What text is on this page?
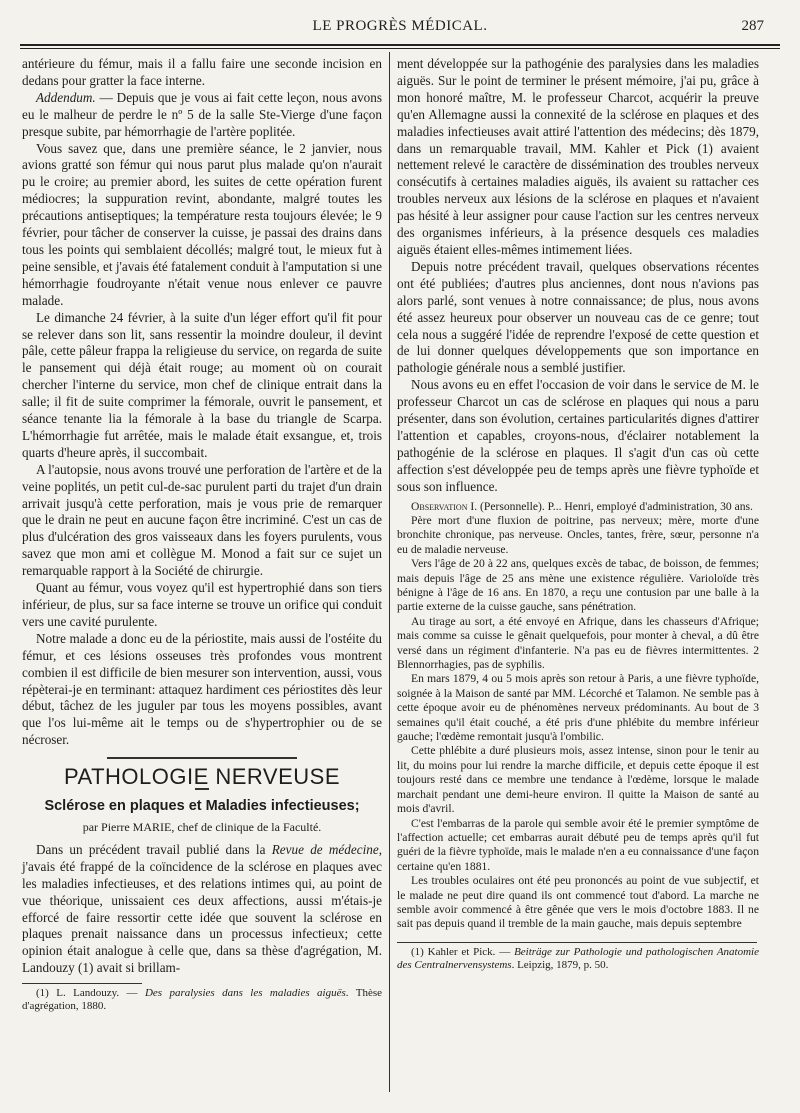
LE PROGRÈS MÉDICAL.	287

antérieure du fémur, mais il a fallu faire une seconde incision en dedans pour gratter la face interne.

Addendum. — Depuis que je vous ai fait cette leçon, nous avons eu le malheur de perdre le nº 5 de la salle Ste-Vierge d'une façon presque subite, par hémorrhagie de l'artère poplitée.

Vous savez que, dans une première séance, le 2 janvier, nous avions gratté son fémur qui nous parut plus malade qu'on n'aurait pu le croire; au premier abord, les suites de cette opération furent médiocres; la suppuration revint, abondante, malgré toutes les précautions antiseptiques; la température resta toujours élevée; le 9 février, pour tâcher de conserver la cuisse, je passai des drains dans tous les points qui semblaient décollés; malgré tout, le mieux fut à peine sensible, et j'avais été fatalement conduit à l'amputation si une hémorrhagie foudroyante n'était venue nous enlever ce pauvre malade.

Le dimanche 24 février, à la suite d'un léger effort qu'il fit pour se relever dans son lit, sans ressentir la moindre douleur, il devint pâle, cette pâleur frappa la religieuse du service, on regarda de suite le pansement qui déjà était rouge; au moment où on courait chercher l'interne du service, mon chef de clinique entrait dans la salle; il fit de suite comprimer la fémorale, ouvrit le pansement, et séance tenante lia la fémorale à la base du triangle de Scarpa. L'hémorrhagie fut arrêtée, mais le malade était exsangue, et, trois quarts d'heure après, il succombait.

A l'autopsie, nous avons trouvé une perforation de l'artère et de la veine poplités, un petit cul-de-sac purulent parti du trajet d'un drain arrivait jusqu'à cette perforation, mais je vous prie de remarquer que le drain ne peut en aucune façon être incriminé. C'est un cas de plus d'ulcération des gros vaisseaux dans les foyers purulents, vous savez que mon ami et collègue M. Monod a fait sur ce sujet un remarquable rapport à la Société de chirurgie.

Quant au fémur, vous voyez qu'il est hypertrophié dans son tiers inférieur, de plus, sur sa face interne se trouve un orifice qui conduit vers une cavité purulente.

Notre malade a donc eu de la périostite, mais aussi de l'ostéite du fémur, et ces lésions osseuses très profondes vous montrent combien il est difficile de bien mesurer son intervention, aussi, vous répèterai-je en terminant: attaquez hardiment ces périostites dès leur début, tâchez de les juguler par tous les moyens possibles, avant que l'os lui-même ait le temps ou de s'hypertrophier ou de se nécroser.

PATHOLOGIE NERVEUSE
Sclérose en plaques et Maladies infectieuses;
par Pierre MARIE, chef de clinique de la Faculté.

Dans un précédent travail publié dans la Revue de médecine, j'avais été frappé de la coïncidence de la sclérose en plaques avec les maladies infectieuses, et des relations intimes qui, au point de vue théorique, unissaient ces deux affections, aussi m'étais-je efforcé de faire ressortir cette idée que souvent la sclérose en plaques prenait naissance dans un processus infectieux; cette opinion était analogue à celle que, dans sa thèse d'agrégation, M. Landouzy (1) avait si brillam-

(1) L. Landouzy. — Des paralysies dans les maladies aiguës. Thèse d'agrégation, 1880.

ment développée sur la pathogénie des paralysies dans les maladies aiguës. Sur le point de terminer le présent mémoire, j'ai pu, grâce à mon honoré maître, M. le professeur Charcot, acquérir la preuve qu'en Allemagne aussi la connexité de la sclérose en plaques et des maladies infectieuses avait attiré l'attention des médecins; dès 1879, dans un remarquable travail, MM. Kahler et Pick (1) avaient nettement relevé le caractère de dissémination des troubles nerveux consécutifs à certaines maladies aiguës, ils avaient su rattacher ces troubles nerveux aux lésions de la sclérose en plaques et n'avaient pas hésité à leur assigner pour cause l'action sur les centres nerveux des organismes inférieurs, à la présence desquels ces maladies aiguës étaient elles-mêmes intimement liées.

Depuis notre précédent travail, quelques observations récentes ont été publiées; d'autres plus anciennes, dont nous n'avions pas alors parlé, sont venues à notre connaissance; de plus, nous avons été assez heureux pour observer un nouveau cas de ce genre; tout cela nous a suggéré l'idée de reprendre l'exposé de cette question et de lui donner quelques développements que son importance en pathologie générale nous a semblé justifier.

Nous avons eu en effet l'occasion de voir dans le service de M. le professeur Charcot un cas de sclérose en plaques qui nous a paru présenter, dans son évolution, certaines particularités dignes d'attirer l'attention et capables, croyons-nous, d'éclairer notablement la pathogénie de la sclérose en plaques. Il s'agit d'un cas où cette affection s'est développée peu de temps après une fièvre typhoïde et sous son influence.

Observation I. (Personnelle). P... Henri, employé d'administration, 30 ans.

Père mort d'une fluxion de poitrine, pas nerveux; mère, morte d'une bronchite chronique, pas nerveuse. Oncles, tantes, frère, sœur, personne n'a eu de maladie nerveuse.

Vers l'âge de 20 à 22 ans, quelques excès de tabac, de boisson, de femmes; mais depuis l'âge de 25 ans mène une existence régulière. Varioloïde très bénigne à l'âge de 16 ans. En 1870, a reçu une contusion par une balle à la partie externe de la cuisse gauche, sans pénétration.

Au tirage au sort, a été envoyé en Afrique, dans les chasseurs d'Afrique; mais comme sa cuisse le gênait quelquefois, pour monter à cheval, a dû être versé dans un régiment d'infanterie. N'a pas eu de fièvres intermittentes. 2 Blennorrhagies, pas de syphilis.

En mars 1879, 4 ou 5 mois après son retour à Paris, a une fièvre typhoïde, soignée à la Maison de santé par MM. Lécorché et Talamon. Ne semble pas à cette époque avoir eu de phénomènes nerveux prédominants. Au bout de 3 semaines qu'il était couché, a été pris d'une phlébite du membre inférieur gauche; l'œdème remontait jusqu'à l'ombilic.

Cette phlébite a duré plusieurs mois, assez intense, sinon pour le tenir au lit, du moins pour lui rendre la marche difficile, et depuis cette époque il est toujours resté dans ce membre une tendance à l'œdème, lorsque le malade marchait pendant une demi-heure environ. Il quitte la Maison de santé au mois d'avril.

C'est l'embarras de la parole qui semble avoir été le premier symptôme de l'affection actuelle; cet embarras aurait débuté peu de temps après qu'il fut guéri de la fièvre typhoïde, mais le malade n'en a eu connaissance d'une façon certaine qu'en 1881.

Les troubles oculaires ont été peu prononcés au point de vue subjectif, et le malade ne peut dire quand ils ont commencé tout d'abord. La marche ne semble avoir commencé à être gênée que vers le mois d'octobre 1883. Il ne sait pas depuis quand il tremble de la main gauche, mais depuis septembre

(1) Kahler et Pick. — Beiträge zur Pathologie und pathologischen Anatomie des Centralnervensystems. Leipzig, 1879, p. 50.
